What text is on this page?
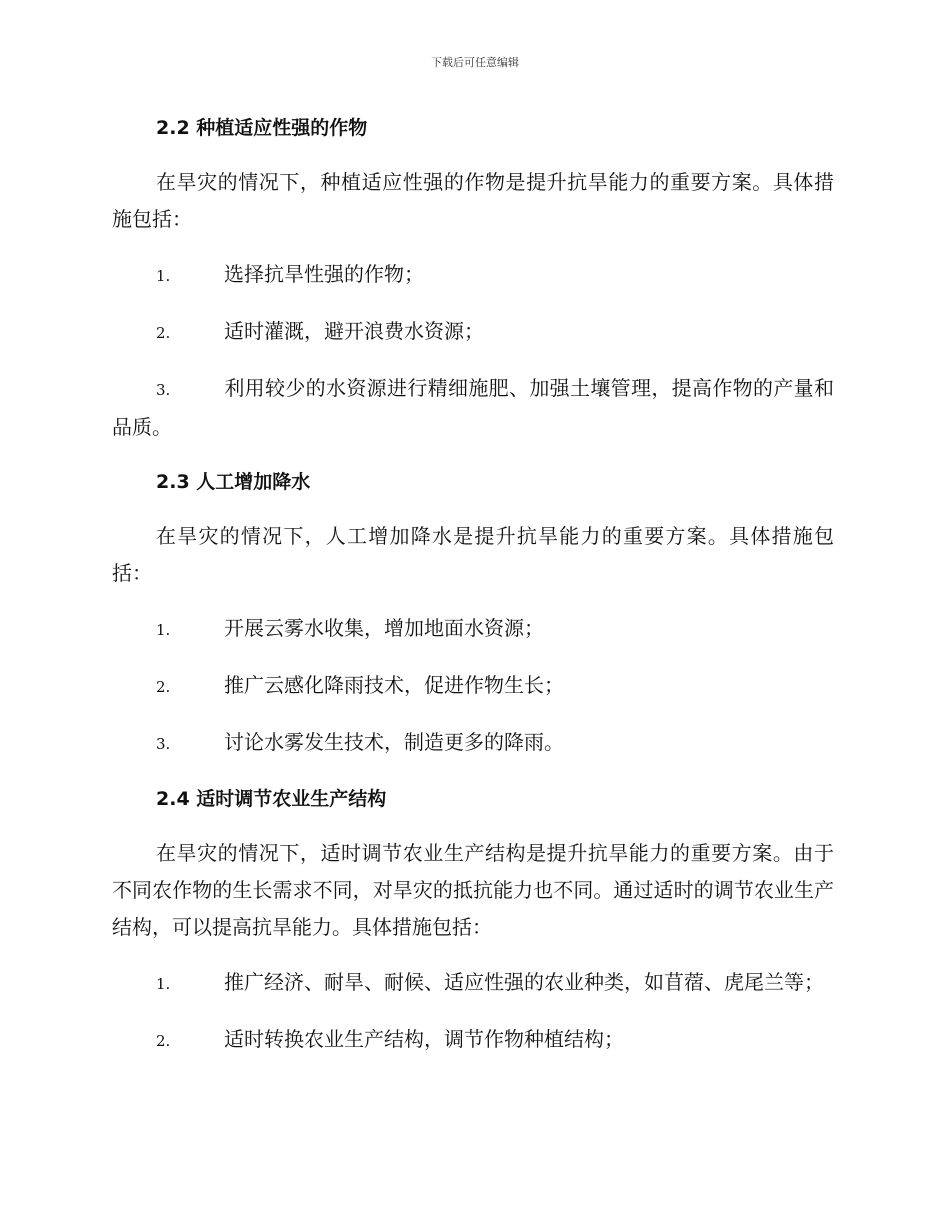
下载后可任意编辑

2.2 种植适应性强的作物

在旱灾的情况下，种植适应性强的作物是提升抗旱能力的重要方案。具体措施包括：

1.	选择抗旱性强的作物；

2.	适时灌溉，避开浪费水资源；

3.	利用较少的水资源进行精细施肥、加强土壤管理，提高作物的产量和品质。

2.3 人工增加降水

在旱灾的情况下，人工增加降水是提升抗旱能力的重要方案。具体措施包括：

1.	开展云雾水收集，增加地面水资源；

2.	推广云感化降雨技术，促进作物生长；

3.	讨论水雾发生技术，制造更多的降雨。

2.4 适时调节农业生产结构

在旱灾的情况下，适时调节农业生产结构是提升抗旱能力的重要方案。由于不同农作物的生长需求不同，对旱灾的抵抗能力也不同。通过适时的调节农业生产结构，可以提高抗旱能力。具体措施包括：

1.	推广经济、耐旱、耐候、适应性强的农业种类，如苜蓿、虎尾兰等；

2.	适时转换农业生产结构，调节作物种植结构；
